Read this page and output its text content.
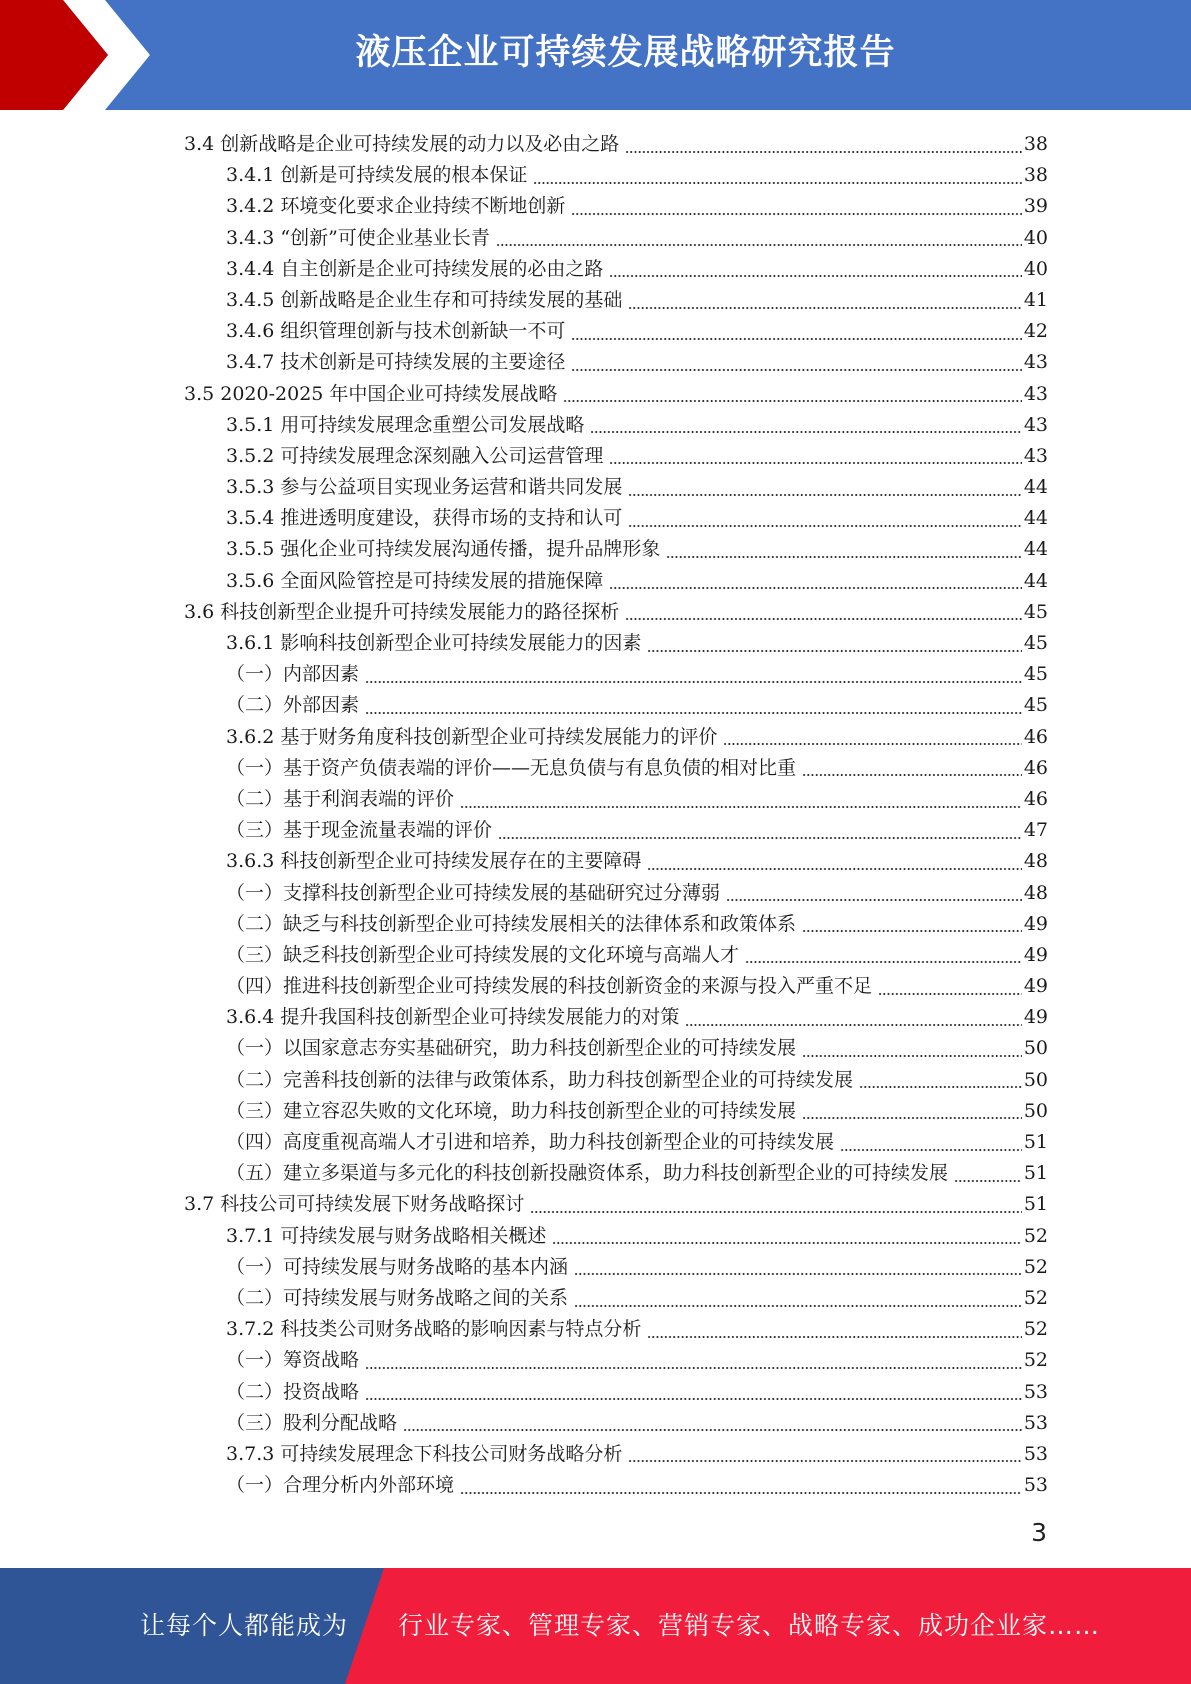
液压企业可持续发展战略研究报告
3.4 创新战略是企业可持续发展的动力以及必由之路	38
3.4.1 创新是可持续发展的根本保证	38
3.4.2 环境变化要求企业持续不断地创新	39
3.4.3 “创新”可使企业基业长青	40
3.4.4 自主创新是企业可持续发展的必由之路	40
3.4.5 创新战略是企业生存和可持续发展的基础	41
3.4.6 组织管理创新与技术创新缺一不可	42
3.4.7 技术创新是可持续发展的主要途径	43
3.5 2020-2025 年中国企业可持续发展战略	43
3.5.1 用可持续发展理念重塑公司发展战略	43
3.5.2 可持续发展理念深刻融入公司运营管理	43
3.5.3 参与公益项目实现业务运营和谐共同发展	44
3.5.4 推进透明度建设，获得市场的支持和认可	44
3.5.5 强化企业可持续发展沟通传播，提升品牌形象	44
3.5.6 全面风险管控是可持续发展的措施保障	44
3.6 科技创新型企业提升可持续发展能力的路径探析	45
3.6.1 影响科技创新型企业可持续发展能力的因素	45
（一）内部因素	45
（二）外部因素	45
3.6.2 基于财务角度科技创新型企业可持续发展能力的评价	46
（一）基于资产负债表端的评价——无息负债与有息负债的相对比重	46
（二）基于利润表端的评价	46
（三）基于现金流量表端的评价	47
3.6.3 科技创新型企业可持续发展存在的主要障碍	48
（一）支撑科技创新型企业可持续发展的基础研究过分薄弱	48
（二）缺乏与科技创新型企业可持续发展相关的法律体系和政策体系	49
（三）缺乏科技创新型企业可持续发展的文化环境与高端人才	49
（四）推进科技创新型企业可持续发展的科技创新资金的来源与投入严重不足	49
3.6.4 提升我国科技创新型企业可持续发展能力的对策	49
（一）以国家意志夯实基础研究，助力科技创新型企业的可持续发展	50
（二）完善科技创新的法律与政策体系，助力科技创新型企业的可持续发展	50
（三）建立容忍失败的文化环境，助力科技创新型企业的可持续发展	50
（四）高度重视高端人才引进和培养，助力科技创新型企业的可持续发展	51
（五）建立多渠道与多元化的科技创新投融资体系，助力科技创新型企业的可持续发展	51
3.7 科技公司可持续发展下财务战略探讨	51
3.7.1 可持续发展与财务战略相关概述	52
（一）可持续发展与财务战略的基本内涵	52
（二）可持续发展与财务战略之间的关系	52
3.7.2 科技类公司财务战略的影响因素与特点分析	52
（一）筹资战略	52
（二）投资战略	53
（三）股利分配战略	53
3.7.3 可持续发展理念下科技公司财务战略分析	53
（一）合理分析内外部环境	53
3
让每个人都能成为 行业专家、管理专家、营销专家、战略专家、成功企业家……
